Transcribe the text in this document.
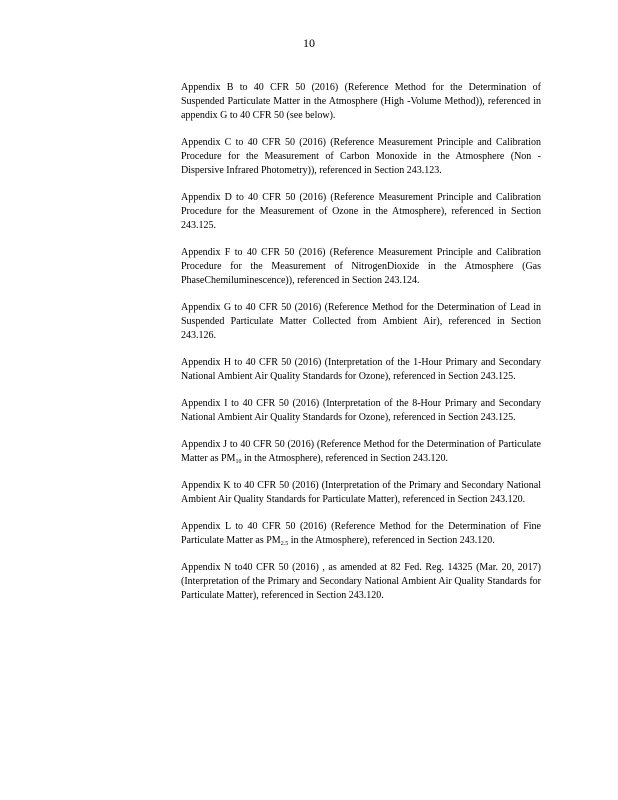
10

Appendix B to 40 CFR 50 (2016) (Reference Method for the Determination of Suspended Particulate Matter in the Atmosphere (High -Volume Method)), referenced in appendix G to 40 CFR 50 (see below).

Appendix C to 40 CFR 50 (2016) (Reference Measurement Principle and Calibration Procedure for the Measurement of Carbon Monoxide in the Atmosphere (Non -Dispersive Infrared Photometry)), referenced in Section 243.123.

Appendix D to 40 CFR 50 (2016) (Reference Measurement Principle and Calibration Procedure for the Measurement of Ozone in the Atmosphere), referenced in Section 243.125.

Appendix F to 40 CFR 50 (2016) (Reference Measurement Principle and Calibration Procedure for the Measurement of NitrogenDioxide in the Atmosphere (Gas PhaseChemiluminescence)), referenced in Section 243.124.

Appendix G to 40 CFR 50 (2016) (Reference Method for the Determination of Lead in Suspended Particulate Matter Collected from Ambient Air), referenced in Section 243.126.

Appendix H to 40 CFR 50 (2016) (Interpretation of the 1-Hour Primary and Secondary National Ambient Air Quality Standards for Ozone), referenced in Section 243.125.

Appendix I to 40 CFR 50 (2016) (Interpretation of the 8-Hour Primary and Secondary National Ambient Air Quality Standards for Ozone), referenced in Section 243.125.

Appendix J to 40 CFR 50 (2016) (Reference Method for the Determination of Particulate Matter as $PM_{10}$ in the Atmosphere), referenced in Section 243.120.

Appendix K to 40 CFR 50 (2016) (Interpretation of the Primary and Secondary National Ambient Air Quality Standards for Particulate Matter), referenced in Section 243.120.

Appendix L to 40 CFR 50 (2016) (Reference Method for the Determination of Fine Particulate Matter as $PM_{2.5}$ in the Atmosphere), referenced in Section 243.120.

Appendix N to40 CFR 50 (2016) , as amended at 82 Fed. Reg. 14325 (Mar. 20, 2017) (Interpretation of the Primary and Secondary National Ambient Air Quality Standards for Particulate Matter), referenced in Section 243.120.
